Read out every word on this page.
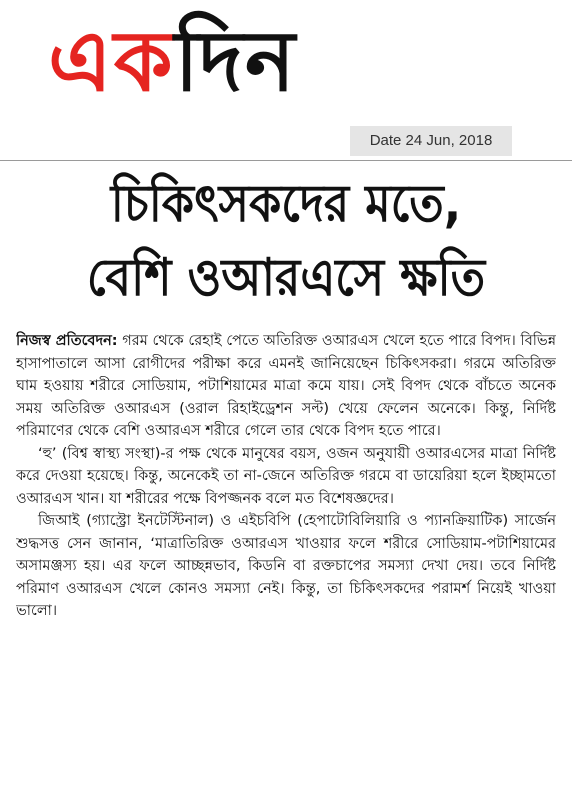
একদিন
Date 24 Jun, 2018
চিকিৎসকদের মতে,
বেশি ওআরএসে ক্ষতি

নিজস্ব প্রতিবেদন: গরম থেকে রেহাই পেতে অতিরিক্ত ওআরএস খেলে হতে পারে বিপদ। বিভিন্ন হাসাপাতালে আসা রোগীদের পরীক্ষা করে এমনই জানিয়েছেন চিকিৎসকরা। গরমে অতিরিক্ত ঘাম হওয়ায় শরীরে সোডিয়াম, পটাশিয়ামের মাত্রা কমে যায়। সেই বিপদ থেকে বাঁচতে অনেক সময় অতিরিক্ত ওআরএস (ওরাল রিহাইড্রেশন সল্ট) খেয়ে ফেলেন অনেকে। কিন্তু, নির্দিষ্ট পরিমাণের থেকে বেশি ওআরএস শরীরে গেলে তার থেকে বিপদ হতে পারে।

‘হু’ (বিশ্ব স্বাস্থ্য সংস্থা)-র পক্ষ থেকে মানুষের বয়স, ওজন অনুযায়ী ওআরএসের মাত্রা নির্দিষ্ট করে দেওয়া হয়েছে। কিন্তু, অনেকেই তা না-জেনে অতিরিক্ত গরমে বা ডায়েরিয়া হলে ইচ্ছামতো ওআরএস খান। যা শরীরের পক্ষে বিপজ্জনক বলে মত বিশেষজ্ঞদের।

জিআই (গ্যাস্ট্রো ইনটেস্টিনাল) ও এইচবিপি (হেপাটোবিলিয়ারি ও প্যানক্রিয়াটিক) সার্জেন শুদ্ধসত্ত সেন জানান, ‘মাত্রাতিরিক্ত ওআরএস খাওয়ার ফলে শরীরে সোডিয়াম-পটাশিয়ামের অসামঞ্জস্য হয়। এর ফলে আচ্ছন্নভাব, কিডনি বা রক্তচাপের সমস্যা দেখা দেয়। তবে নির্দিষ্ট পরিমাণ ওআরএস খেলে কোনও সমস্যা নেই। কিন্তু, তা চিকিৎসকদের পরামর্শ নিয়েই খাওয়া ভালো।
